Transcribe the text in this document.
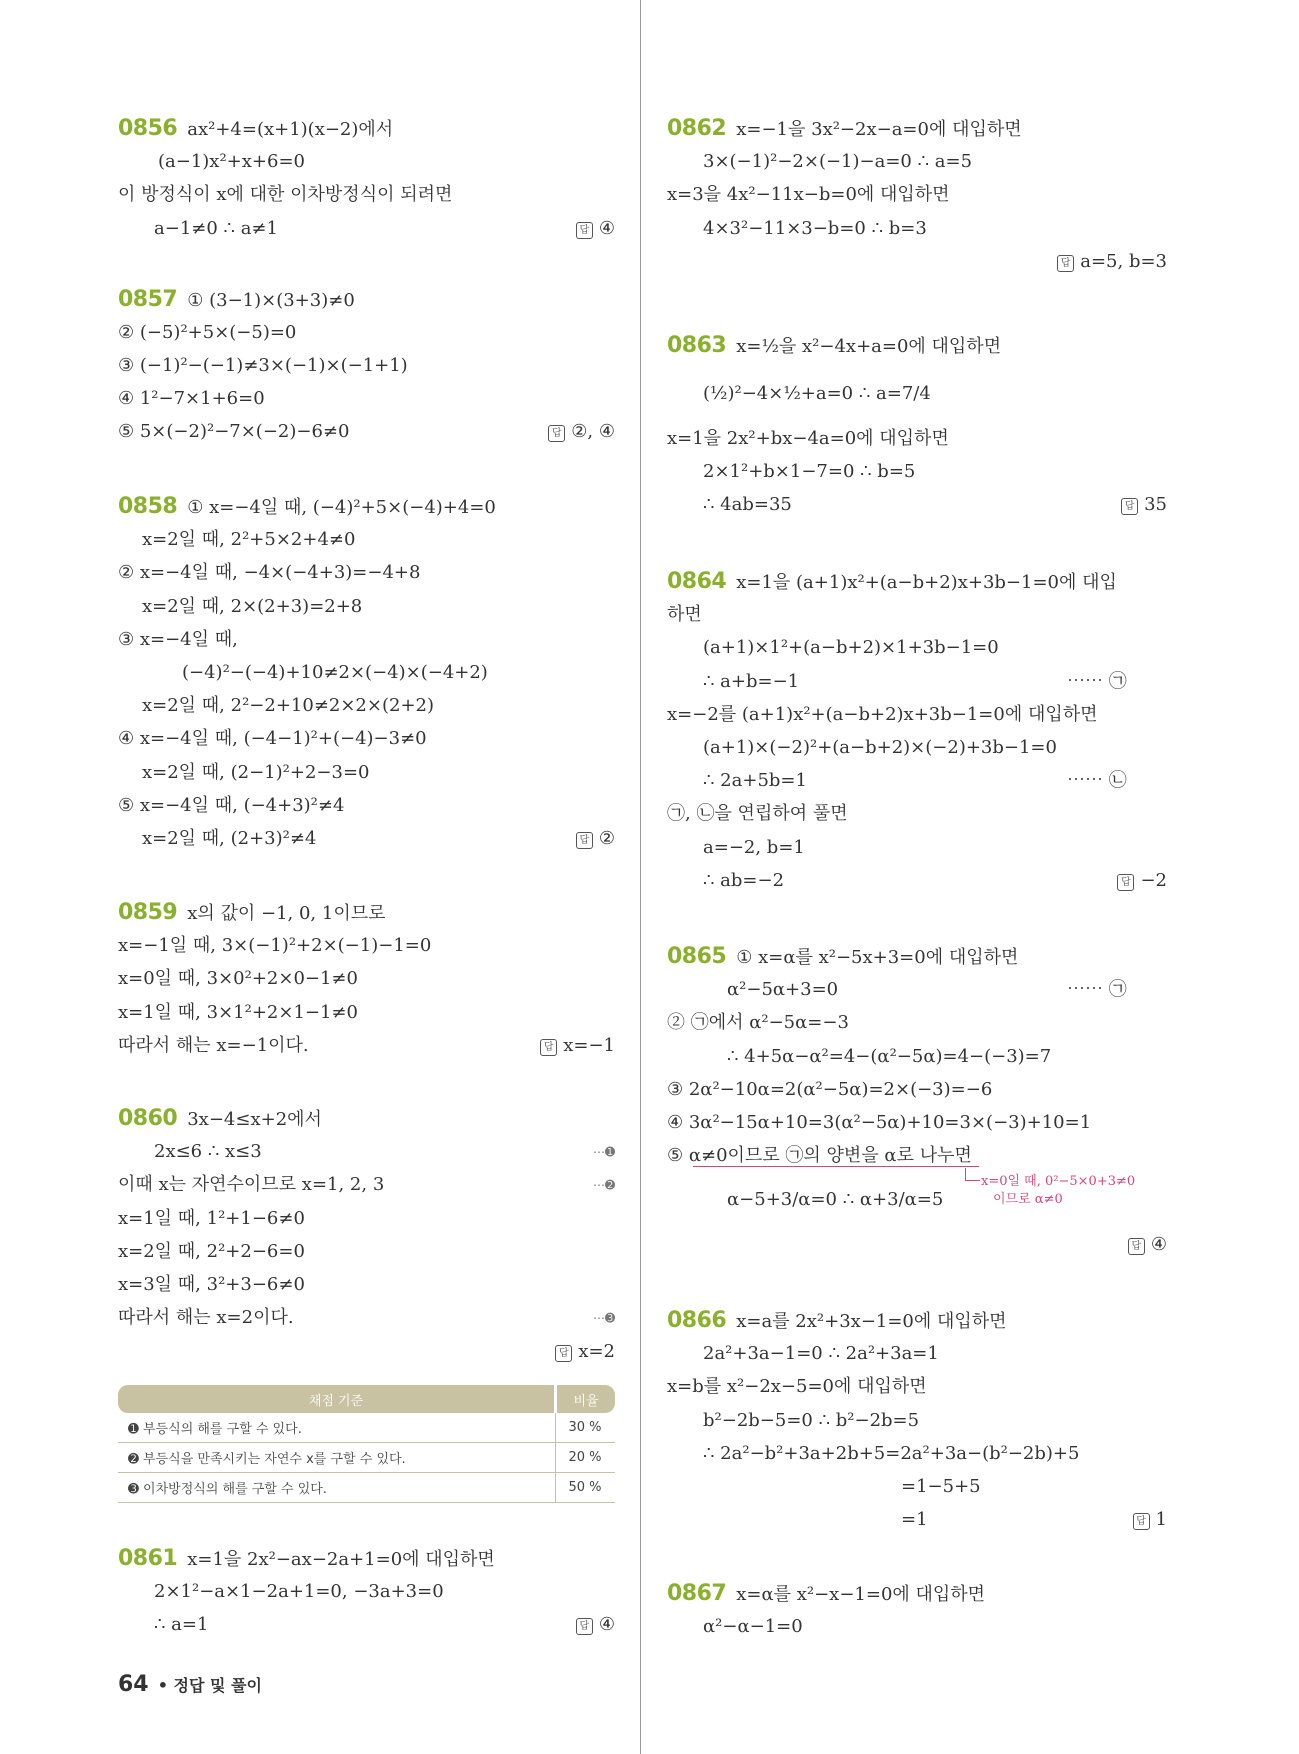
0856 ax²+4=(x+1)(x−2)에서
(a−1)x²+x+6=0
이 방정식이 x에 대한 이차방정식이 되려면
a−1≠0 ∴ a≠1	답 ④
0857 ① (3−1)×(3+3)≠0
② (−5)²+5×(−5)=0
③ (−1)²−(−1)≠3×(−1)×(−1+1)
④ 1²−7×1+6=0
⑤ 5×(−2)²−7×(−2)−6≠0	답 ②, ④
0858 ① x=−4일 때, (−4)²+5×(−4)+4=0
x=2일 때, 2²+5×2+4≠0
② x=−4일 때, −4×(−4+3)=−4+8
x=2일 때, 2×(2+3)=2+8
③ x=−4일 때,
(−4)²−(−4)+10≠2×(−4)×(−4+2)
x=2일 때, 2²−2+10≠2×2×(2+2)
④ x=−4일 때, (−4−1)²+(−4)−3≠0
x=2일 때, (2−1)²+2−3=0
⑤ x=−4일 때, (−4+3)²≠4
x=2일 때, (2+3)²≠4	답 ②
0859 x의 값이 −1, 0, 1이므로
x=−1일 때, 3×(−1)²+2×(−1)−1=0
x=0일 때, 3×0²+2×0−1≠0
x=1일 때, 3×1²+2×1−1≠0
따라서 해는 x=−1이다.	답 x=−1
0860 3x−4≤x+2에서
2x≤6 ∴ x≤3	⋯➊
이때 x는 자연수이므로 x=1, 2, 3	⋯➋
x=1일 때, 1²+1−6≠0
x=2일 때, 2²+2−6=0
x=3일 때, 3²+3−6≠0
따라서 해는 x=2이다.	⋯➌
답 x=2
채점 기준	비율
➊ 부등식의 해를 구할 수 있다.	30 %
➋ 부등식을 만족시키는 자연수 x를 구할 수 있다.	20 %
➌ 이차방정식의 해를 구할 수 있다.	50 %
0861 x=1을 2x²−ax−2a+1=0에 대입하면
2×1²−a×1−2a+1=0, −3a+3=0
∴ a=1	답 ④
0862 x=−1을 3x²−2x−a=0에 대입하면
3×(−1)²−2×(−1)−a=0 ∴ a=5
x=3을 4x²−11x−b=0에 대입하면
4×3²−11×3−b=0 ∴ b=3
답 a=5, b=3
0863 x=½을 x²−4x+a=0에 대입하면
(½)²−4×½+a=0 ∴ a=7/4
x=1을 2x²+bx−4a=0에 대입하면
2×1²+b×1−7=0 ∴ b=5
∴ 4ab=35	답 35
0864 x=1을 (a+1)x²+(a−b+2)x+3b−1=0에 대입
하면
(a+1)×1²+(a−b+2)×1+3b−1=0
∴ a+b=−1	⋯⋯ ㉠
x=−2를 (a+1)x²+(a−b+2)x+3b−1=0에 대입하면
(a+1)×(−2)²+(a−b+2)×(−2)+3b−1=0
∴ 2a+5b=1	⋯⋯ ㉡
㉠, ㉡을 연립하여 풀면
a=−2, b=1
∴ ab=−2	답 −2
0865 ① x=α를 x²−5x+3=0에 대입하면
α²−5α+3=0	⋯⋯ ㉠
② ㉠에서 α²−5α=−3
∴ 4+5α−α²=4−(α²−5α)=4−(−3)=7
③ 2α²−10α=2(α²−5α)=2×(−3)=−6
④ 3α²−15α+10=3(α²−5α)+10=3×(−3)+10=1
⑤ α≠0이므로 ㉠의 양변을 α로 나누면
x=0일 때, 0²−5×0+3≠0
이므로 α≠0
α−5+3/α=0 ∴ α+3/α=5
답 ④
0866 x=a를 2x²+3x−1=0에 대입하면
2a²+3a−1=0 ∴ 2a²+3a=1
x=b를 x²−2x−5=0에 대입하면
b²−2b−5=0 ∴ b²−2b=5
∴ 2a²−b²+3a+2b+5=2a²+3a−(b²−2b)+5
=1−5+5
=1	답 1
0867 x=α를 x²−x−1=0에 대입하면
α²−α−1=0
64 • 정답 및 풀이
